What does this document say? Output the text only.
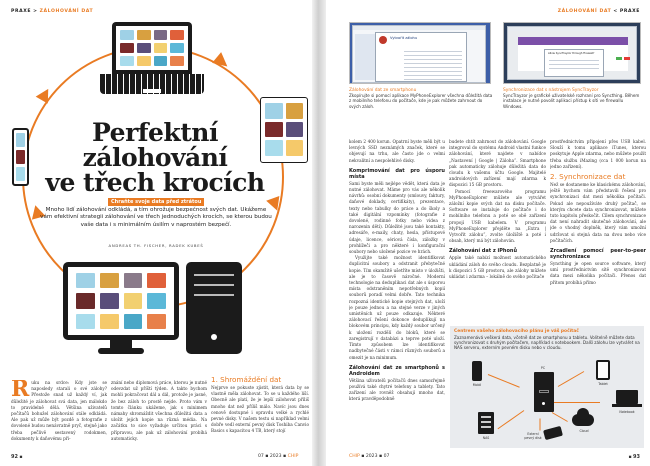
PRAXE > ZÁLOHOVÁNÍ DAT
Perfektní
zálohování
ve třech krocích
Chraňte svoje data před ztrátou
Mnoho lidí zálohování odkládá, a tím ohrožuje bezpečnost svých dat. Ukážeme vám efektivní strategii zálohování ve třech jednoduchých krocích, se kterou budou vaše data i s minimálním úsilím v naprostém bezpečí.
ANDREAS TH. FISCHER, RADEK KUBEŠ
Ruku na srdce: Kdy jste se naposledy starali o své zálohy? Přestože snad už každý ví, jak důležité je zálohovat svá data, jen málokdo to pravidelně dělá. Většina uživatelů počítačů bohužel zálohování stále odkládá. Ale pak už může být pozdě a fotografie z dovolené budou nenávratně pryč, stejně jako třeba pečlivě sestavený rodokmen, dokumenty k daňovému při-
znání nebo diplomová práce, kterou je nutné odevzdat už příští týden. A takto bychom mohli pokračovat dál a dál, protože je jasné, že bez záloh to prostě nejde. Proto vám v tomto článku ukážeme, jak s minimem námahy shromáždit všechna důležitá data a uložit jejich kopie na různá média. Na začátku to sice vyžaduje určitou práci s přípravou, ale pak už zálohování probíhá automaticky.
1. Shromáždění dat
Nejprve se pokuste zjistit, která data by se vlastně měla zálohovat. To se u každého liší. Obecně ale platí, že je lepší zálohovat příliš mnoho dat než příliš málo. Navíc jsou dnes cenově dostupné i opravdu velké a rychlé pevné disky. V našem testu si například velmi dobře vedl externí pevný disk Toshiba Canvio Basics s kapacitou 4 TB, který stojí
92 ▪	07 ▪ 2023 ▪ CHIP
ZÁLOHOVÁNÍ DAT < PRAXE
Vytvořit zálohu
Zálohování dat ze smartphonu
Zkopírujte si pomocí aplikace MyPhoneExplorer všechna důležitá data z mobilního telefonu do počítače, kde je pak můžete zahrnout do svých záloh.
Allow SyncTrayzor through Firewall?
Synchronizace dat s nástrojem SyncTrayzor
SyncTrayzor je grafické uživatelské rozhraní pro Syncthing. Během instalace je nutné povolit aplikaci přístup k síti ve firewallu Windows.

kolem 2 400 korun. Opatrní byste měli být u levných SSD neznámých značek, které se objevují na trhu, ale často jde o velmi nekvalitní a nespolehlivé disky.

Komprimování dat pro úsporu místa

Sami byste měli nejlépe vědět, která data je nutné zálohovat. Máme pro vás ale několik návrhů: osobní dokumenty (smlouvy, faktury, daňové doklady, certifikáty), prezentace, texty nebo tabulky do práce a do školy a také digitální vzpomínky (fotografie z dovolené, rodinné fotky nebo videa z narozenin dětí). Důležité jsou také kontakty, adresáře, e-maily, chaty, hesla, přístupové údaje, licence, sériová čísla, záložky v prohlížeči a pro některé i konfigurační soubory nebo uložené pozice ve hrách.

Využijte také možnost identifikovat duplicitní soubory a odstranit přebytečné kopie. Tím okamžitě ušetříte místo v úložišti, ale je to časově náročné. Moderní technologie na deduplikaci dat ale s úsporou místa odstraněním nepotřebných kopií souborů poradí velmi dobře. Tato technika rozpozná identické kopie stejných dat, uloží je pouze jednou a na stejné verze v jiných umístěních už pouze odkazuje. Některé zálohovací řešení dokonce deduplikují na blokovém principu, kdy každý soubor určený k uložení rozdělí do bloků, které se zaregistrují v databázi a teprve poté uloží. Tímto způsobem lze identifikovat nadbytečné části v rámci různých souborů a omezit je na minimum.

Zálohování dat ze smartphonů s Androidem

Většina uživatelů počítačů dnes samozřejmě používá také chytré telefony a tablety. Tato zařízení ale rovněž obsahují mnoho dat, která pravděpodobně

budete chtít zahrnout do zálohování. Google integroval do systému Android vlastní funkce zálohování, které najdete v nabídce „Nastavení | Google | Záloha“. Smartphone pak automaticky zálohuje důležitá data do cloudu k vašemu účtu Google. Majitelé androidových zařízení mají zdarma k dispozici 15 GB prostoru.

Pomocí freewarového programu MyPhoneExplorer můžete ale vytvářet záložní kopie svých dat na disku počítače. Software se instaluje do počítače i do mobilního telefonu a poté se obě zařízení propojí USB kabelem. V programu MyPhoneExplorer přejděte na „Extra | Vytvořit zálohu“, zvolte úložiště a poté i obsah, který má být zálohován.

Zálohování dat z iPhonů

Apple také nabízí možnost automatického ukládání záloh do svého cloudu. Bezplatně je k dispozici 5 GB prostoru, ale zálohy můžete ukládat i zdarma – lokálně do svého počítače

prostřednictvím připojení přes USB kabel. Slouží k tomu aplikace iTunes, kterou poskytuje Apple zdarma, nebo můžete použít třeba službu iMazing (cca 1 000 korun na jedno zařízení).

2. Synchronizace dat

Než se dostaneme ke klasickému zálohování, ještě bychom vám představili řešení pro synchronizaci dat mezi několika počítači. Pokud ale nepoužíváte druhý počítač, se kterým chcete data synchronizovat, můžete tuto kapitolu přeskočit. Cílem synchronizace dat není nahradit skutečné zálohování, ale jde o vhodný doplněk, který vám umožní udržovat si stejná data na dvou nebo více počítačích.

Zrcadlení pomocí peer-to-peer synchronizace

Syncthing je open source software, který umí prostřednictvím sítě synchronizovat data mezi několika počítači. Přenos dat přitom probíhá přímo

Centrem vašeho zálohovacího plánu je váš počítač
Zaznamenává veškerá data, včetně dat ze smartphonu a tabletu. Volitelně můžete data synchronizovat s druhým počítačem, například s notebookem. Další zálohu lze vytvářet na NAS serveru, externím pevném disku nebo v cloudu.
PC
Mobil	Tablet
Notebook
NAS
Externí pevný disk
Cloud
CHIP ▪ 2023 ▪ 07	▪ 93
